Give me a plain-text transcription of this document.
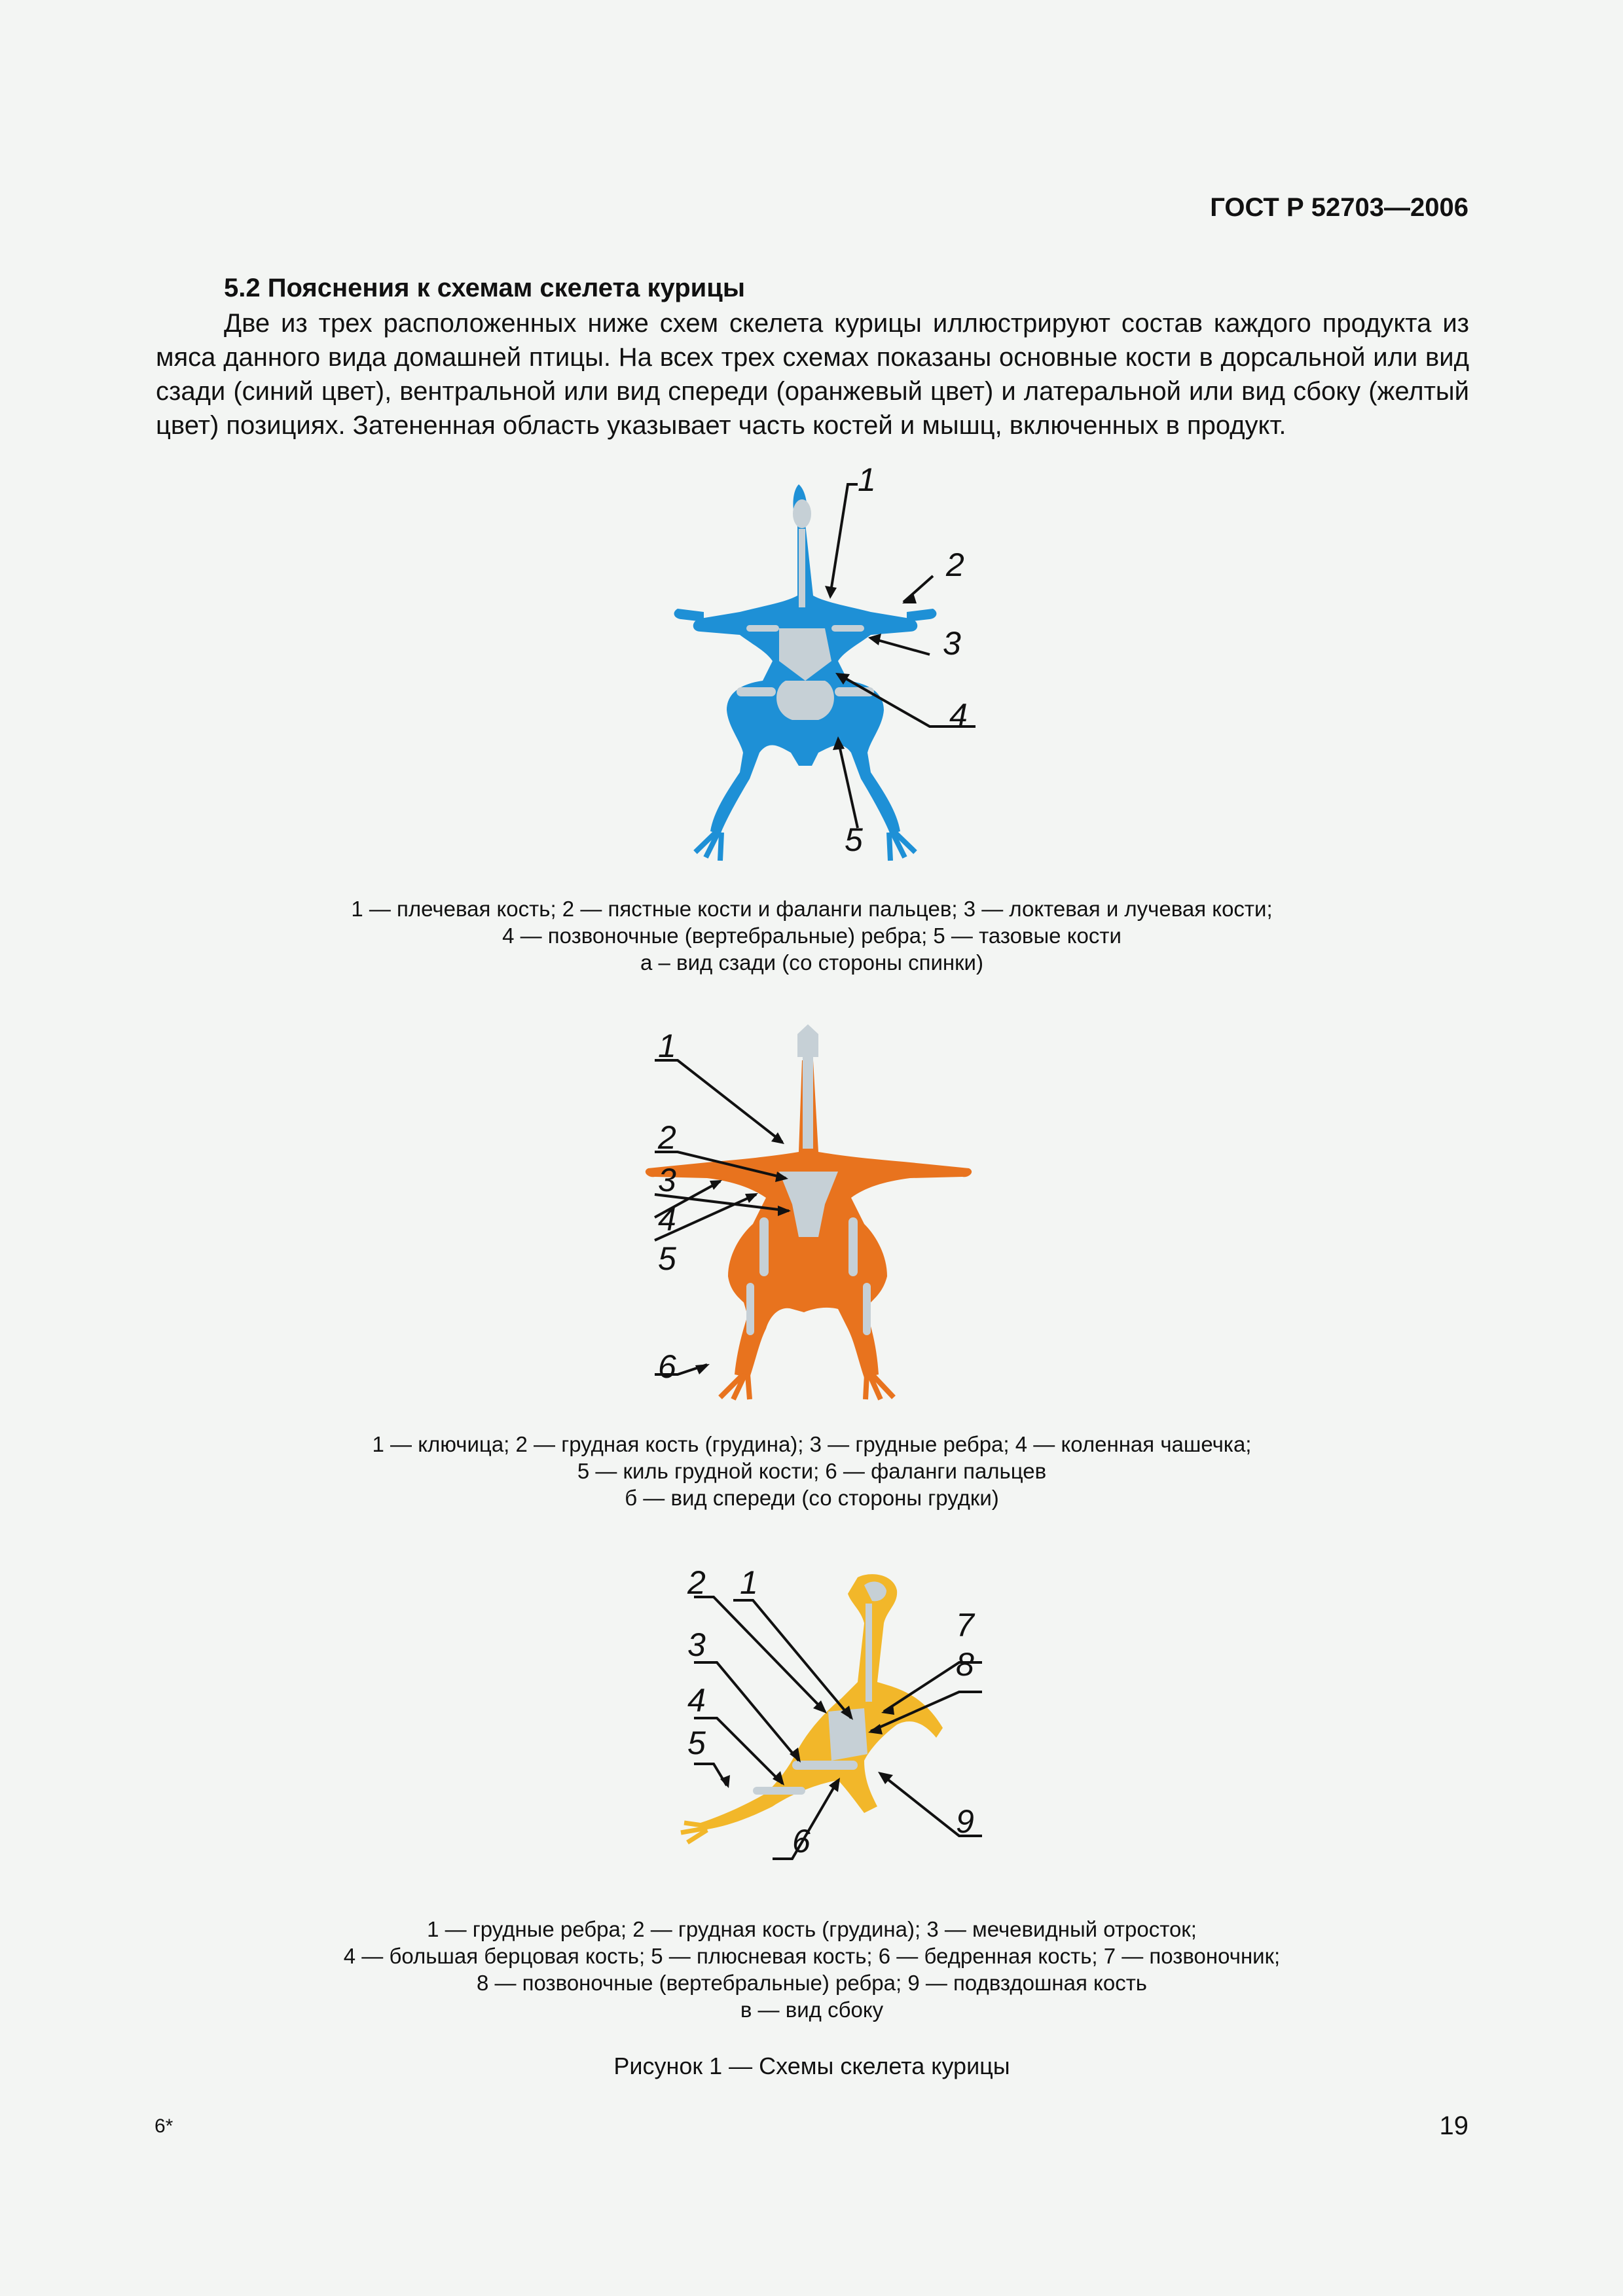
ГОСТ Р 52703—2006
5.2 Пояснения к схемам скелета курицы

Две из трех расположенных ниже схем скелета курицы иллюстрируют состав каждого продукта из мяса данного вида домашней птицы. На всех трех схемах показаны основные кости в дорсальной или вид сзади (синий цвет), вентральной или вид спереди (оранжевый цвет) и латеральной или вид сбоку (желтый цвет) позициях. Затененная область указывает часть костей и мышц, включенных в продукт.

1
2
3
4
5
1 — плечевая кость; 2 — пястные кости и фаланги пальцев; 3 — локтевая и лучевая кости;
4 — позвоночные (вертебральные) ребра; 5 — тазовые кости
а – вид сзади (со стороны спинки)
1
2
3
4
5
6
1 — ключица; 2 — грудная кость (грудина); 3 — грудные ребра; 4 — коленная чашечка;
5 — киль грудной кости; 6 — фаланги пальцев
б — вид спереди (со стороны грудки)
2 1
7
3
8
4
5
9
6
1 — грудные ребра; 2 — грудная кость (грудина); 3 — мечевидный отросток;
4 — большая берцовая кость; 5 — плюсневая кость; 6 — бедренная кость; 7 — позвоночник;
8 — позвоночные (вертебральные) ребра; 9 — подвздошная кость
в — вид сбоку
Рисунок 1 — Схемы скелета курицы
6*	19
